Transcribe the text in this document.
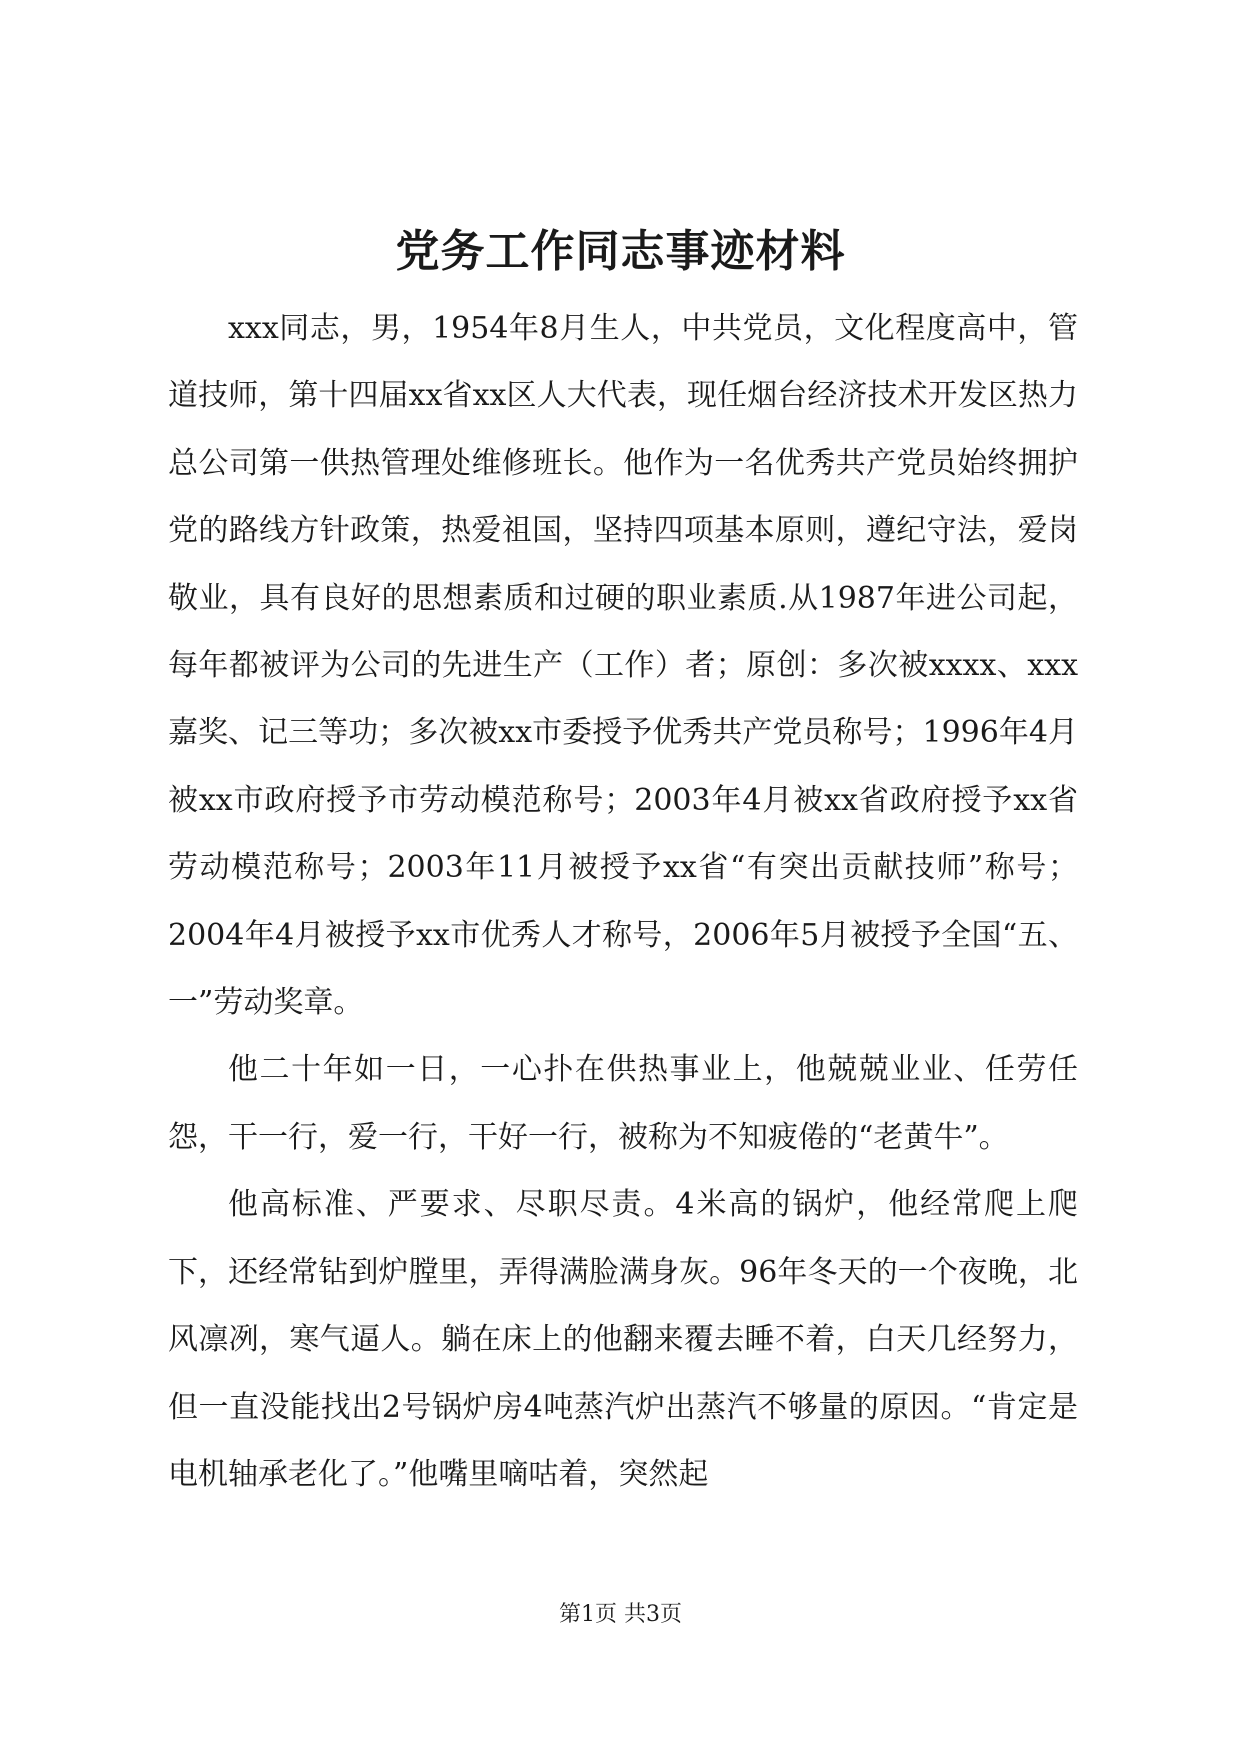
党务工作同志事迹材料

xxx同志，男，1954年8月生人，中共党员，文化程度高中，管道技师，第十四届xx省xx区人大代表，现任烟台经济技术开发区热力总公司第一供热管理处维修班长。他作为一名优秀共产党员始终拥护党的路线方针政策，热爱祖国，坚持四项基本原则，遵纪守法，爱岗敬业，具有良好的思想素质和过硬的职业素质.从1987年进公司起，每年都被评为公司的先进生产（工作）者；原创：多次被xxxx、xxx嘉奖、记三等功；多次被xx市委授予优秀共产党员称号；1996年4月被xx市政府授予市劳动模范称号；2003年4月被xx省政府授予xx省劳动模范称号；2003年11月被授予xx省“有突出贡献技师”称号；2004年4月被授予xx市优秀人才称号，2006年5月被授予全国“五、一”劳动奖章。

他二十年如一日，一心扑在供热事业上，他兢兢业业、任劳任怨，干一行，爱一行，干好一行，被称为不知疲倦的“老黄牛”。

他高标准、严要求、尽职尽责。4米高的锅炉，他经常爬上爬下，还经常钻到炉膛里，弄得满脸满身灰。96年冬天的一个夜晚，北风凛冽，寒气逼人。躺在床上的他翻来覆去睡不着，白天几经努力，但一直没能找出2号锅炉房4吨蒸汽炉出蒸汽不够量的原因。“肯定是电机轴承老化了。”他嘴里嘀咕着，突然起

第1页 共3页
